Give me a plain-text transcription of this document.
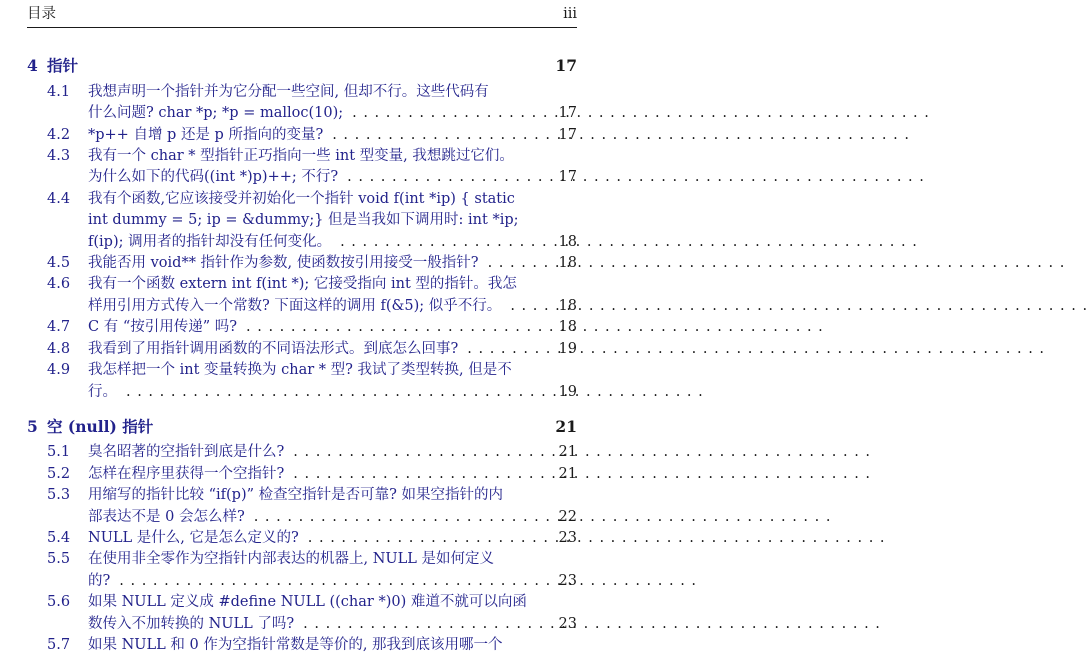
目录	iii
4 指针	17
4.1	我想声明一个指针并为它分配一些空间, 但却不行。这些代码有
什么问题? char *p; *p = malloc(10); . . .	17
4.2	*p++ 自增 p 还是 p 所指向的变量? . . .	17
4.3	我有一个 char * 型指针正巧指向一些 int 型变量, 我想跳过它们。
为什么如下的代码((int *)p)++; 不行? . . .	17
4.4	我有个函数,它应该接受并初始化一个指针 void f(int *ip) { static
int dummy = 5; ip = &dummy;} 但是当我如下调用时: int *ip;
f(ip); 调用者的指针却没有任何变化。 . . .	18
4.5	我能否用 void** 指针作为参数, 使函数按引用接受一般指针? . . .	18
4.6	我有一个函数 extern int f(int *); 它接受指向 int 型的指针。我怎
样用引用方式传入一个常数? 下面这样的调用 f(&5); 似乎不行。 . . .	18
4.7	C 有 “按引用传递” 吗? . . .	18
4.8	我看到了用指针调用函数的不同语法形式。到底怎么回事? . . .	19
4.9	我怎样把一个 int 变量转换为 char * 型? 我试了类型转换, 但是不
行。 . . .	19
5 空 (null) 指针	21
5.1	臭名昭著的空指针到底是什么? . . .	21
5.2	怎样在程序里获得一个空指针? . . .	21
5.3	用缩写的指针比较 “if(p)” 检查空指针是否可靠? 如果空指针的内
部表达不是 0 会怎么样? . . .	22
5.4	NULL 是什么, 它是怎么定义的? . . .	23
5.5	在使用非全零作为空指针内部表达的机器上, NULL 是如何定义
的? . . .	23
5.6	如果 NULL 定义成 #define NULL ((char *)0) 难道不就可以向函
数传入不加转换的 NULL 了吗? . . .	23
5.7	如果 NULL 和 0 作为空指针常数是等价的, 那我到底该用哪一个
